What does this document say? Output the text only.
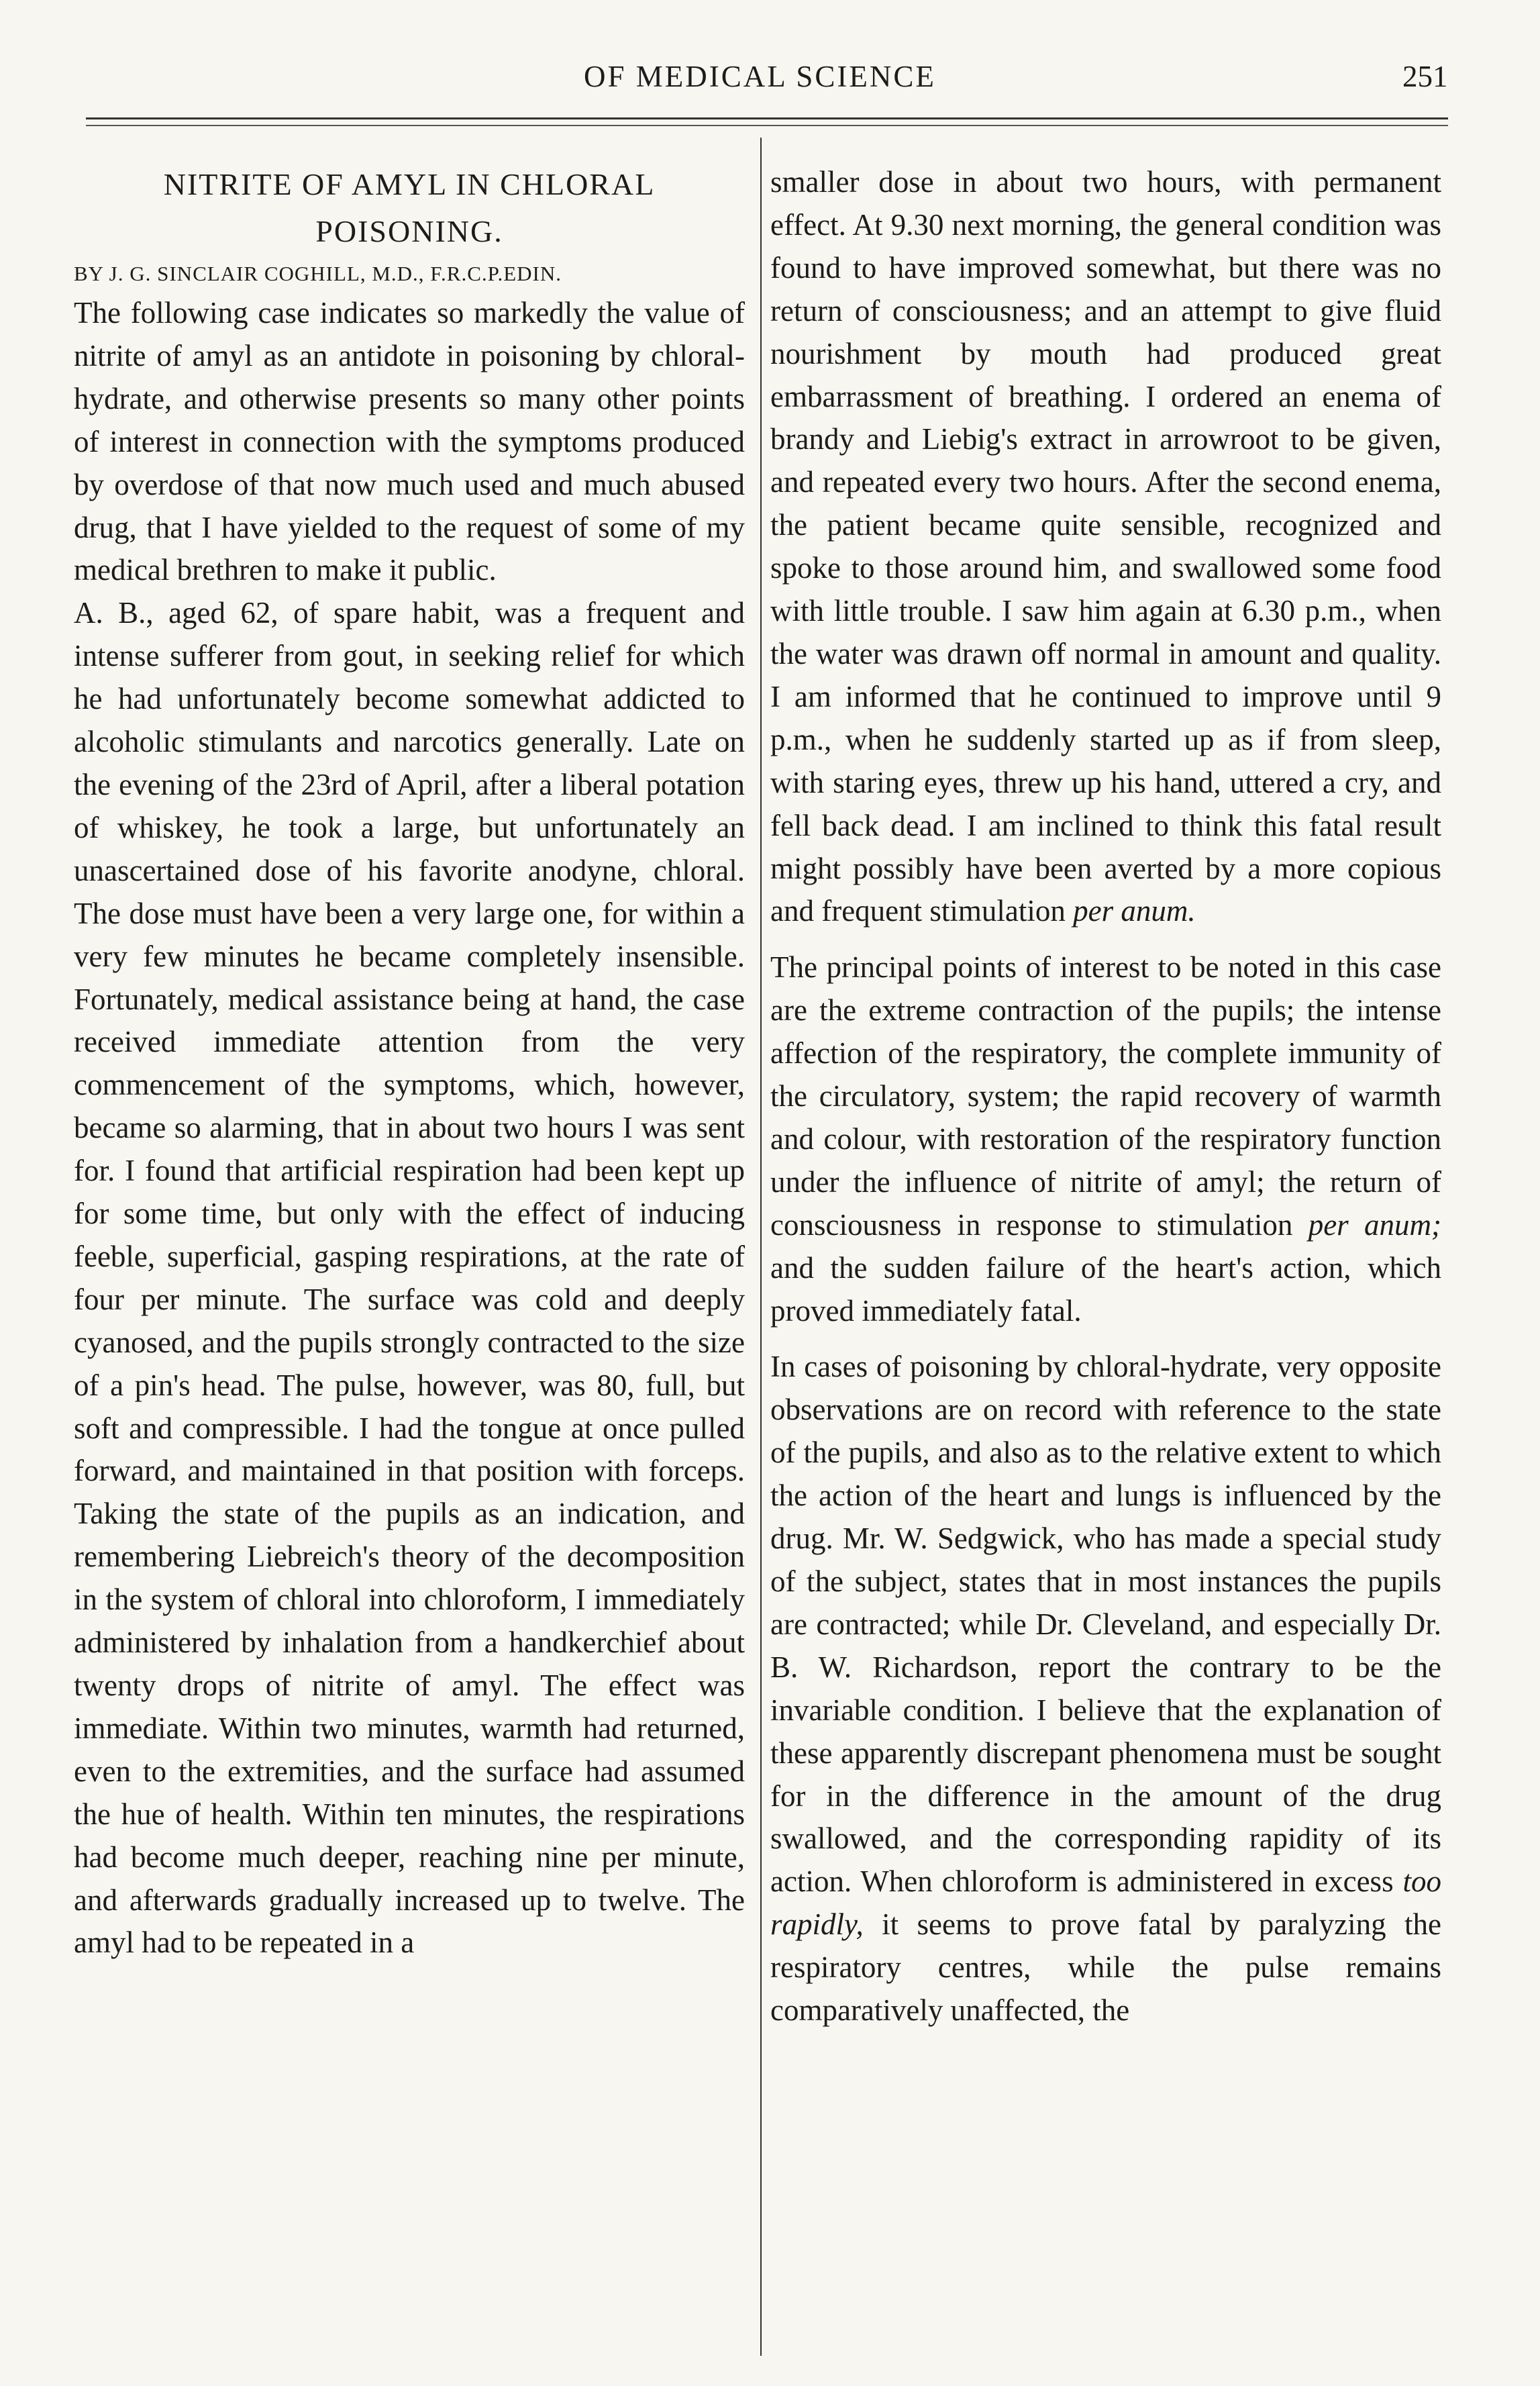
OF MEDICAL SCIENCE	251

NITRITE OF AMYL IN CHLORAL POISONING.

BY J. G. SINCLAIR COGHILL, M.D., F.R.C.P.EDIN.

The following case indicates so markedly the value of nitrite of amyl as an antidote in poisoning by chloral-hydrate, and otherwise presents so many other points of interest in connection with the symptoms produced by overdose of that now much used and much abused drug, that I have yielded to the request of some of my medical brethren to make it public.

A. B., aged 62, of spare habit, was a frequent and intense sufferer from gout, in seeking relief for which he had unfortunately become somewhat addicted to alcoholic stimulants and narcotics generally. Late on the evening of the 23rd of April, after a liberal potation of whiskey, he took a large, but unfortunately an unascertained dose of his favorite anodyne, chloral. The dose must have been a very large one, for within a very few minutes he became completely insensible. Fortunately, medical assistance being at hand, the case received immediate attention from the very commencement of the symptoms, which, however, became so alarming, that in about two hours I was sent for. I found that artificial respiration had been kept up for some time, but only with the effect of inducing feeble, superficial, gasping respirations, at the rate of four per minute. The surface was cold and deeply cyanosed, and the pupils strongly contracted to the size of a pin's head. The pulse, however, was 80, full, but soft and compressible. I had the tongue at once pulled forward, and maintained in that position with forceps. Taking the state of the pupils as an indication, and remembering Liebreich's theory of the decomposition in the system of chloral into chloroform, I immediately administered by inhalation from a handkerchief about twenty drops of nitrite of amyl. The effect was immediate. Within two minutes, warmth had returned, even to the extremities, and the surface had assumed the hue of health. Within ten minutes, the respirations had become much deeper, reaching nine per minute, and afterwards gradually increased up to twelve. The amyl had to be repeated in a

smaller dose in about two hours, with permanent effect. At 9.30 next morning, the general condition was found to have improved somewhat, but there was no return of consciousness; and an attempt to give fluid nourishment by mouth had produced great embarrassment of breathing. I ordered an enema of brandy and Liebig's extract in arrowroot to be given, and repeated every two hours. After the second enema, the patient became quite sensible, recognized and spoke to those around him, and swallowed some food with little trouble. I saw him again at 6.30 p.m., when the water was drawn off normal in amount and quality. I am informed that he continued to improve until 9 p.m., when he suddenly started up as if from sleep, with staring eyes, threw up his hand, uttered a cry, and fell back dead. I am inclined to think this fatal result might possibly have been averted by a more copious and frequent stimulation per anum.

The principal points of interest to be noted in this case are the extreme contraction of the pupils; the intense affection of the respiratory, the complete immunity of the circulatory, system; the rapid recovery of warmth and colour, with restoration of the respiratory function under the influence of nitrite of amyl; the return of consciousness in response to stimulation per anum; and the sudden failure of the heart's action, which proved immediately fatal.

In cases of poisoning by chloral-hydrate, very opposite observations are on record with reference to the state of the pupils, and also as to the relative extent to which the action of the heart and lungs is influenced by the drug. Mr. W. Sedgwick, who has made a special study of the subject, states that in most instances the pupils are contracted; while Dr. Cleveland, and especially Dr. B. W. Richardson, report the contrary to be the invariable condition. I believe that the explanation of these apparently discrepant phenomena must be sought for in the difference in the amount of the drug swallowed, and the corresponding rapidity of its action. When chloroform is administered in excess too rapidly, it seems to prove fatal by paralyzing the respiratory centres, while the pulse remains comparatively unaffected, the
